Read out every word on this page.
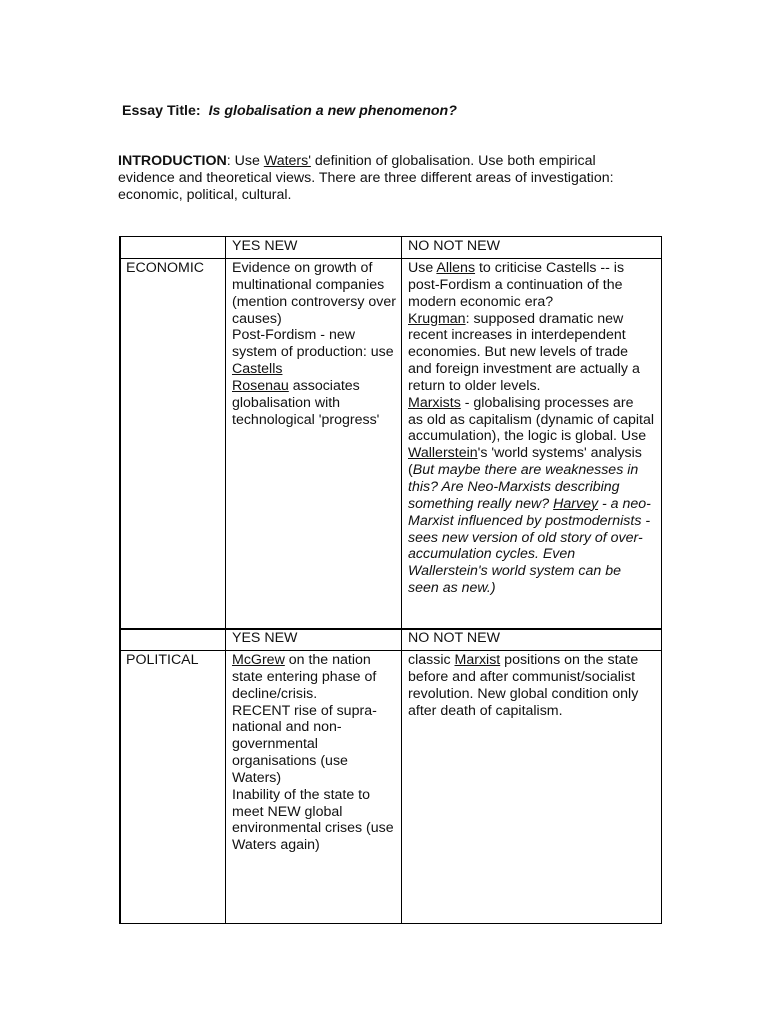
Essay Title: Is globalisation a new phenomenon?
INTRODUCTION: Use Waters' definition of globalisation. Use both empirical
evidence and theoretical views. There are three different areas of investigation:
economic, political, cultural.
YES NEW	NO NOT NEW
ECONOMIC Evidence on growth of
multinational companies
(mention controversy over
causes)
Post-Fordism - new
system of production: use
Castells
Rosenau associates
globalisation with
technological 'progress'
Use Allens to criticise Castells -- is
post-Fordism a continuation of the
modern economic era?
Krugman: supposed dramatic new
recent increases in interdependent
economies. But new levels of trade
and foreign investment are actually a
return to older levels.
Marxists - globalising processes are
as old as capitalism (dynamic of capital
accumulation), the logic is global. Use
Wallerstein's 'world systems' analysis
(But maybe there are weaknesses in
this? Are Neo-Marxists describing
something really new? Harvey - a neo-
Marxist influenced by postmodernists -
sees new version of old story of over-
accumulation cycles. Even
Wallerstein's world system can be
seen as new.)
YES NEW	NO NOT NEW
POLITICAL McGrew on the nation
state entering phase of
decline/crisis.
RECENT rise of supra-
national and non-
governmental
organisations (use
Waters)
Inability of the state to
meet NEW global
environmental crises (use
Waters again)
classic Marxist positions on the state
before and after communist/socialist
revolution. New global condition only
after death of capitalism.
